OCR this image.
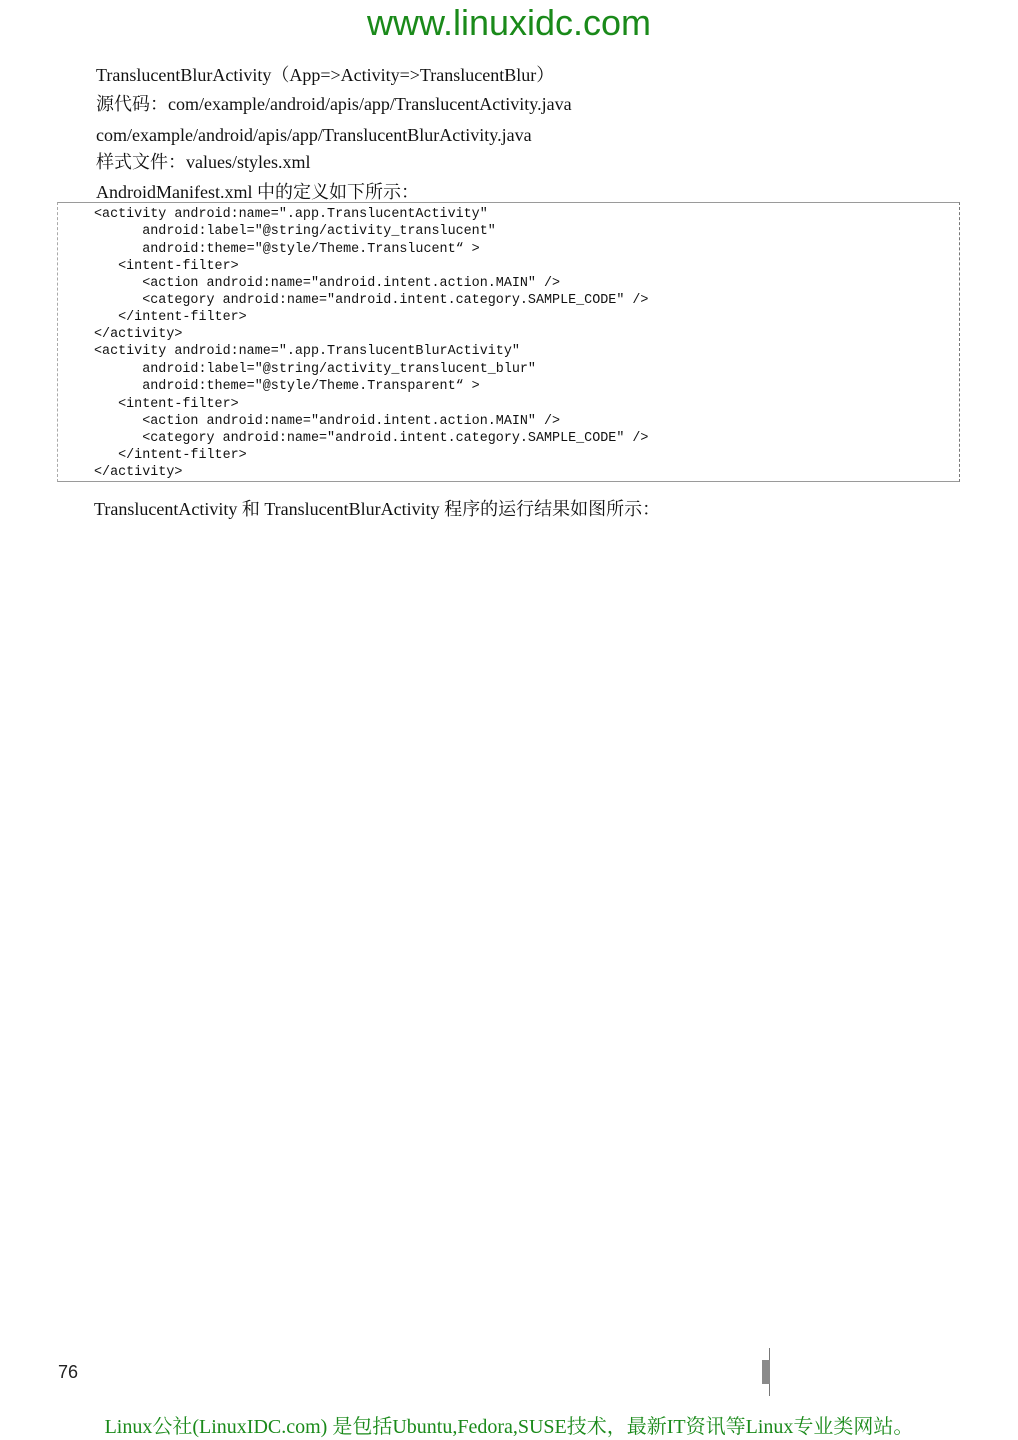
www.linuxidc.com
TranslucentBlurActivity（App=>Activity=>TranslucentBlur）
源代码：com/example/android/apis/app/TranslucentActivity.java
com/example/android/apis/app/TranslucentBlurActivity.java
样式文件：values/styles.xml
AndroidManifest.xml 中的定义如下所示：
<activity android:name=".app.TranslucentActivity"
android:label="@string/activity_translucent"
android:theme="@style/Theme.Translucent“ >
<intent-filter>
<action android:name="android.intent.action.MAIN" />
<category android:name="android.intent.category.SAMPLE_CODE" />
</intent-filter>
</activity>
<activity android:name=".app.TranslucentBlurActivity"
android:label="@string/activity_translucent_blur"
android:theme="@style/Theme.Transparent“ >
<intent-filter>
<action android:name="android.intent.action.MAIN" />
<category android:name="android.intent.category.SAMPLE_CODE" />
</intent-filter>
</activity>
TranslucentActivity 和 TranslucentBlurActivity 程序的运行结果如图所示：
76
Linux公社(LinuxIDC.com) 是包括Ubuntu,Fedora,SUSE技术，最新IT资讯等Linux专业类网站。
